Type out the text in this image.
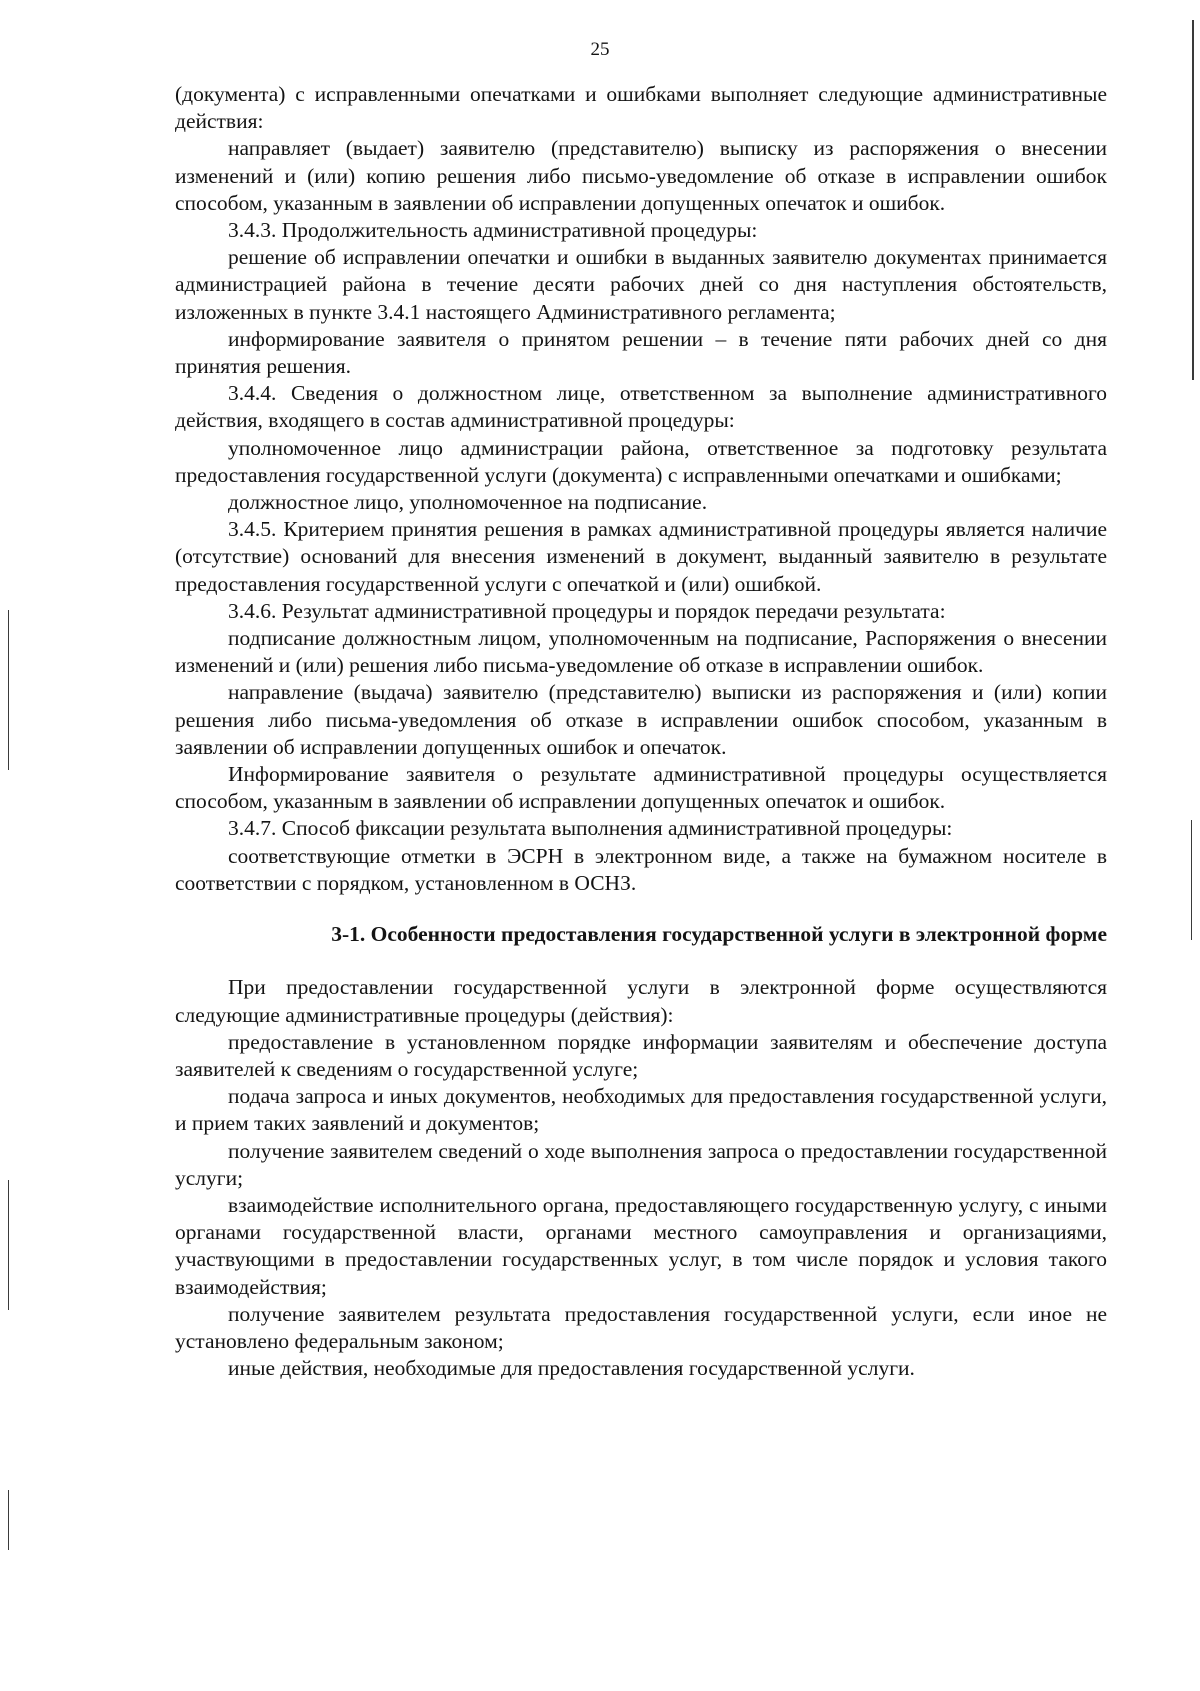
25

(документа) с исправленными опечатками и ошибками выполняет следующие административные действия:

направляет (выдает) заявителю (представителю) выписку из распоряжения о внесении изменений и (или) копию решения либо письмо-уведомление об отказе в исправлении ошибок способом, указанным в заявлении об исправлении допущенных опечаток и ошибок.

3.4.3. Продолжительность административной процедуры:

решение об исправлении опечатки и ошибки в выданных заявителю документах принимается администрацией района в течение десяти рабочих дней со дня наступления обстоятельств, изложенных в пункте 3.4.1 настоящего Административного регламента;

информирование заявителя о принятом решении – в течение пяти рабочих дней со дня принятия решения.

3.4.4. Сведения о должностном лице, ответственном за выполнение административного действия, входящего в состав административной процедуры:

уполномоченное лицо администрации района, ответственное за подготовку результата предоставления государственной услуги (документа) с исправленными опечатками и ошибками;

должностное лицо, уполномоченное на подписание.

3.4.5. Критерием принятия решения в рамках административной процедуры является наличие (отсутствие) оснований для внесения изменений в документ, выданный заявителю в результате предоставления государственной услуги с опечаткой и (или) ошибкой.

3.4.6. Результат административной процедуры и порядок передачи результата:

подписание должностным лицом, уполномоченным на подписание, Распоряжения о внесении изменений и (или) решения либо письма-уведомление об отказе в исправлении ошибок.

направление (выдача) заявителю (представителю) выписки из распоряжения и (или) копии решения либо письма-уведомления об отказе в исправлении ошибок способом, указанным в заявлении об исправлении допущенных ошибок и опечаток.

Информирование заявителя о результате административной процедуры осуществляется способом, указанным в заявлении об исправлении допущенных опечаток и ошибок.

3.4.7. Способ фиксации результата выполнения административной процедуры:

соответствующие отметки в ЭСРН в электронном виде, а также на бумажном носителе в соответствии с порядком, установленном в ОСНЗ.

3-1. Особенности предоставления государственной услуги в электронной форме

При предоставлении государственной услуги в электронной форме осуществляются следующие административные процедуры (действия):

предоставление в установленном порядке информации заявителям и обеспечение доступа заявителей к сведениям о государственной услуге;

подача запроса и иных документов, необходимых для предоставления государственной услуги, и прием таких заявлений и документов;

получение заявителем сведений о ходе выполнения запроса о предоставлении государственной услуги;

взаимодействие исполнительного органа, предоставляющего государственную услугу, с иными органами государственной власти, органами местного самоуправления и организациями, участвующими в предоставлении государственных услуг, в том числе порядок и условия такого взаимодействия;

получение заявителем результата предоставления государственной услуги, если иное не установлено федеральным законом;

иные действия, необходимые для предоставления государственной услуги.
